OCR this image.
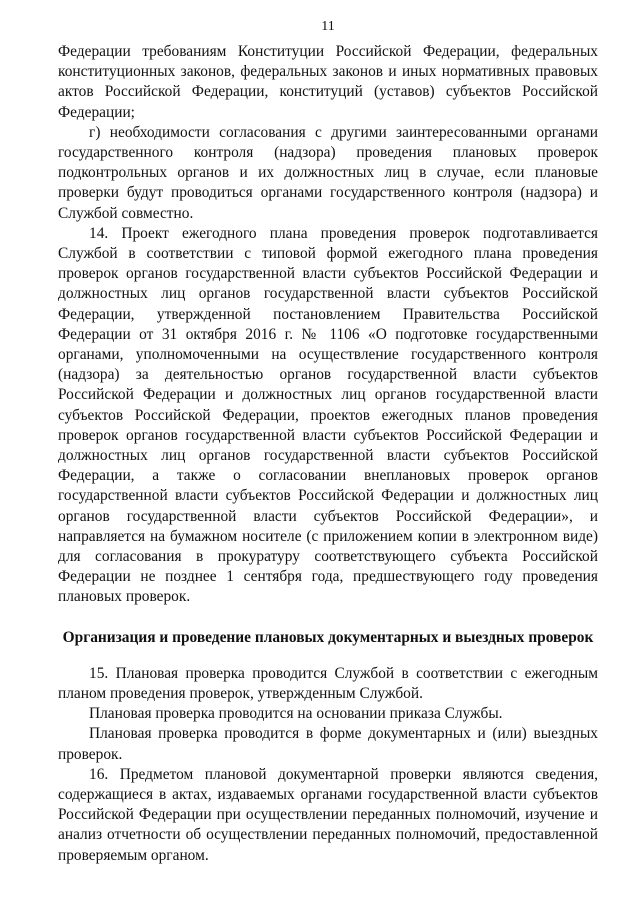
11

Федерации требованиям Конституции Российской Федерации, федеральных конституционных законов, федеральных законов и иных нормативных правовых актов Российской Федерации, конституций (уставов) субъектов Российской Федерации;

г) необходимости согласования с другими заинтересованными органами государственного контроля (надзора) проведения плановых проверок подконтрольных органов и их должностных лиц в случае, если плановые проверки будут проводиться органами государственного контроля (надзора) и Службой совместно.

14. Проект ежегодного плана проведения проверок подготавливается Службой в соответствии с типовой формой ежегодного плана проведения проверок органов государственной власти субъектов Российской Федерации и должностных лиц органов государственной власти субъектов Российской Федерации, утвержденной постановлением Правительства Российской Федерации от 31 октября 2016 г. № 1106 «О подготовке государственными органами, уполномоченными на осуществление государственного контроля (надзора) за деятельностью органов государственной власти субъектов Российской Федерации и должностных лиц органов государственной власти субъектов Российской Федерации, проектов ежегодных планов проведения проверок органов государственной власти субъектов Российской Федерации и должностных лиц органов государственной власти субъектов Российской Федерации, а также о согласовании внеплановых проверок органов государственной власти субъектов Российской Федерации и должностных лиц органов государственной власти субъектов Российской Федерации», и направляется на бумажном носителе (с приложением копии в электронном виде) для согласования в прокуратуру соответствующего субъекта Российской Федерации не позднее 1 сентября года, предшествующего году проведения плановых проверок.

Организация и проведение плановых документарных и выездных проверок

15. Плановая проверка проводится Службой в соответствии с ежегодным планом проведения проверок, утвержденным Службой.

Плановая проверка проводится на основании приказа Службы.

Плановая проверка проводится в форме документарных и (или) выездных проверок.

16. Предметом плановой документарной проверки являются сведения, содержащиеся в актах, издаваемых органами государственной власти субъектов Российской Федерации при осуществлении переданных полномочий, изучение и анализ отчетности об осуществлении переданных полномочий, предоставленной проверяемым органом.
